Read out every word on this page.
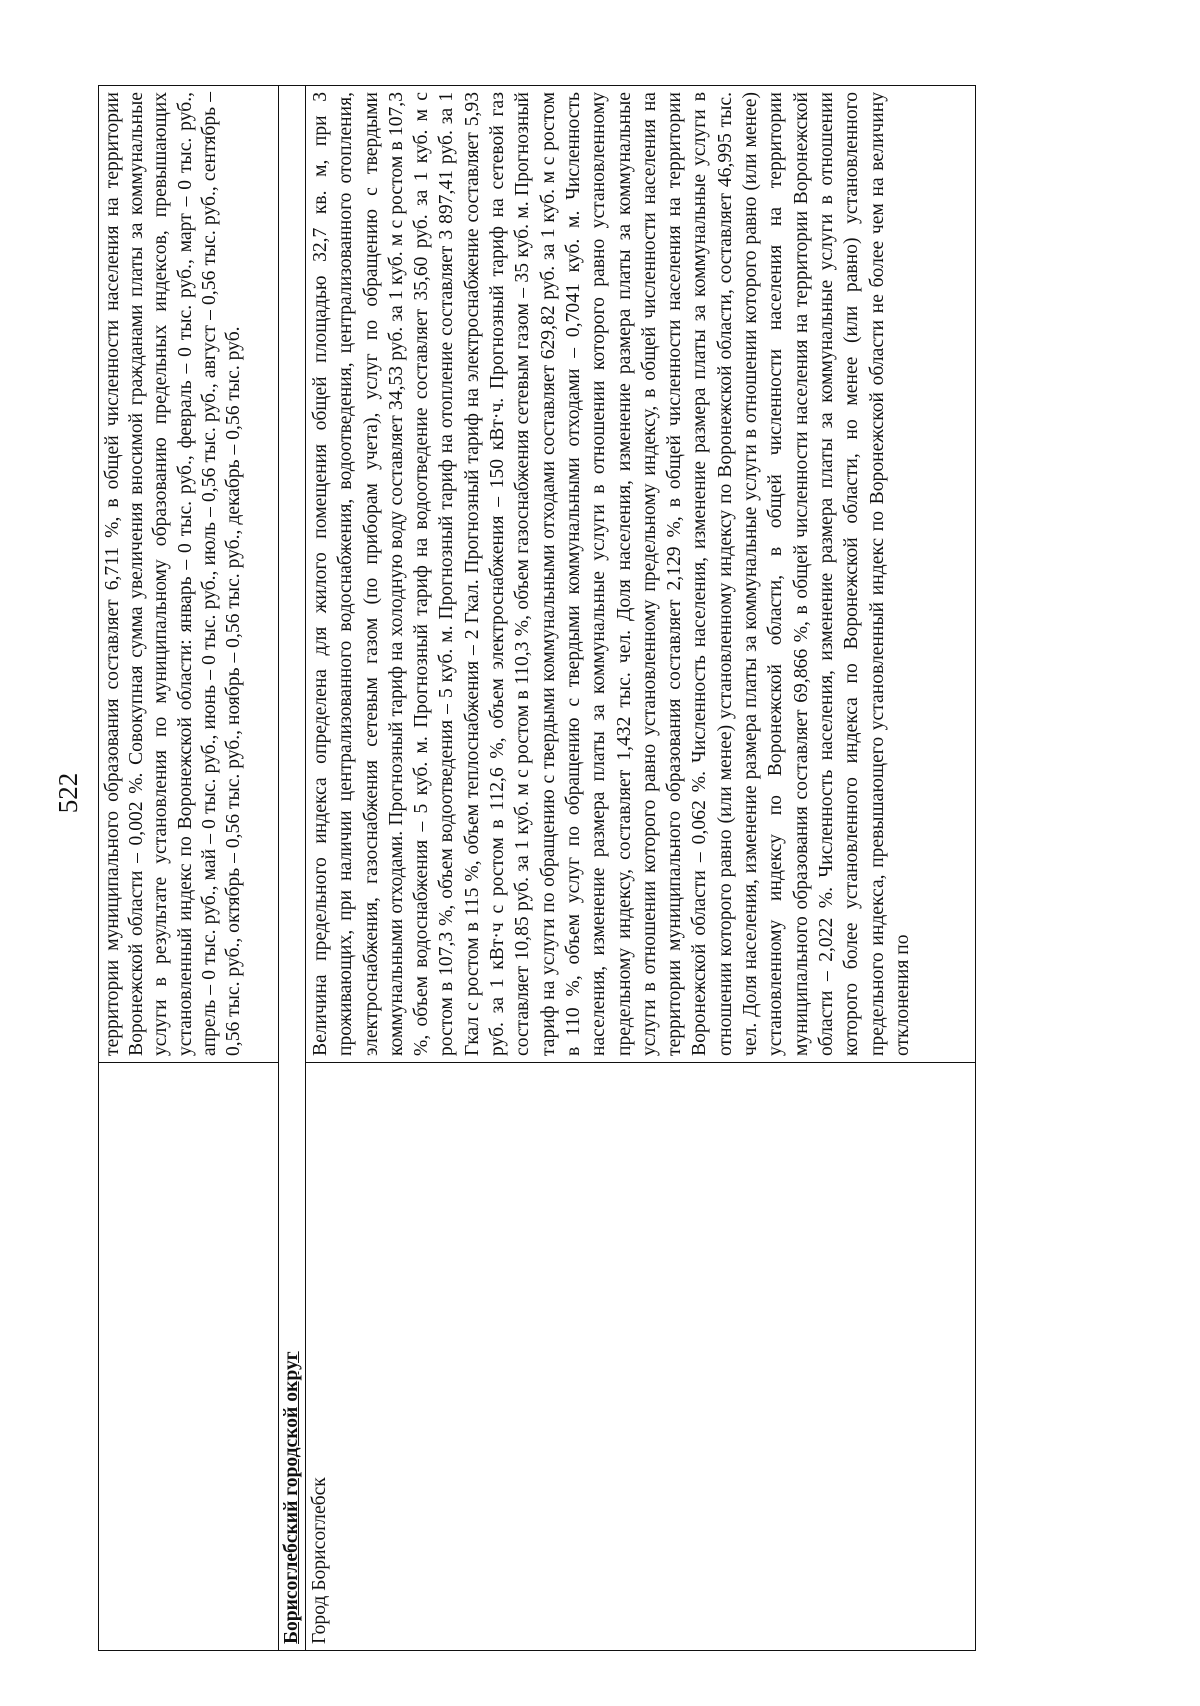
522
	территории муниципального образования составляет 6,711 %, в общей численности населения на территории Воронежской области – 0,002 %. Совокупная сумма увеличения вносимой гражданами платы за коммунальные услуги в результате установления по муниципальному образованию предельных индексов, превышающих установленный индекс по Воронежской области: январь – 0 тыс. руб., февраль – 0 тыс. руб., март – 0 тыс. руб., апрель – 0 тыс. руб., май – 0 тыс. руб., июнь – 0 тыс. руб., июль – 0,56 тыс. руб., август – 0,56 тыс. руб., сентябрь – 0,56 тыс. руб., октябрь – 0,56 тыс. руб., ноябрь – 0,56 тыс. руб., декабрь – 0,56 тыс. руб.
Борисоглебский городской округ	
Город Борисоглебск	Величина предельного индекса определена для жилого помещения общей площадью 32,7 кв. м, при 3 проживающих, при наличии централизованного водоснабжения, водоотведения, централизованного отопления, электроснабжения, газоснабжения сетевым газом (по приборам учета), услуг по обращению с твердыми коммунальными отходами. Прогнозный тариф на холодную воду составляет 34,53 руб. за 1 куб. м с ростом в 107,3 %, объем водоснабжения – 5 куб. м. Прогнозный тариф на водоотведение составляет 35,60 руб. за 1 куб. м с ростом в 107,3 %, объем водоотведения – 5 куб. м. Прогнозный тариф на отопление составляет 3 897,41 руб. за 1 Гкал с ростом в 115 %, объем теплоснабжения – 2 Гкал. Прогнозный тариф на электроснабжение составляет 5,93 руб. за 1 кВт·ч с ростом в 112,6 %, объем электроснабжения – 150 кВт·ч. Прогнозный тариф на сетевой газ составляет 10,85 руб. за 1 куб. м с ростом в 110,3 %, объем газоснабжения сетевым газом – 35 куб. м. Прогнозный тариф на услуги по обращению с твердыми коммунальными отходами составляет 629,82 руб. за 1 куб. м с ростом в 110 %, объем услуг по обращению с твердыми коммунальными отходами – 0,7041 куб. м. Численность населения, изменение размера платы за коммунальные услуги в отношении которого равно установленному предельному индексу, составляет 1,432 тыс. чел. Доля населения, изменение размера платы за коммунальные услуги в отношении которого равно установленному предельному индексу, в общей численности населения на территории муниципального образования составляет 2,129 %, в общей численности населения на территории Воронежской области – 0,062 %. Численность населения, изменение размера платы за коммунальные услуги в отношении которого равно (или менее) установленному индексу по Воронежской области, составляет 46,995 тыс. чел. Доля населения, изменение размера платы за коммунальные услуги в отношении которого равно (или менее) установленному индексу по Воронежской области, в общей численности населения на территории муниципального образования составляет 69,866 %, в общей численности населения на территории Воронежской области – 2,022 %. Численность населения, изменение размера платы за коммунальные услуги в отношении которого более установленного индекса по Воронежской области, но менее (или равно) установленного предельного индекса, превышающего установленный индекс по Воронежской области не более чем на величину отклонения по
